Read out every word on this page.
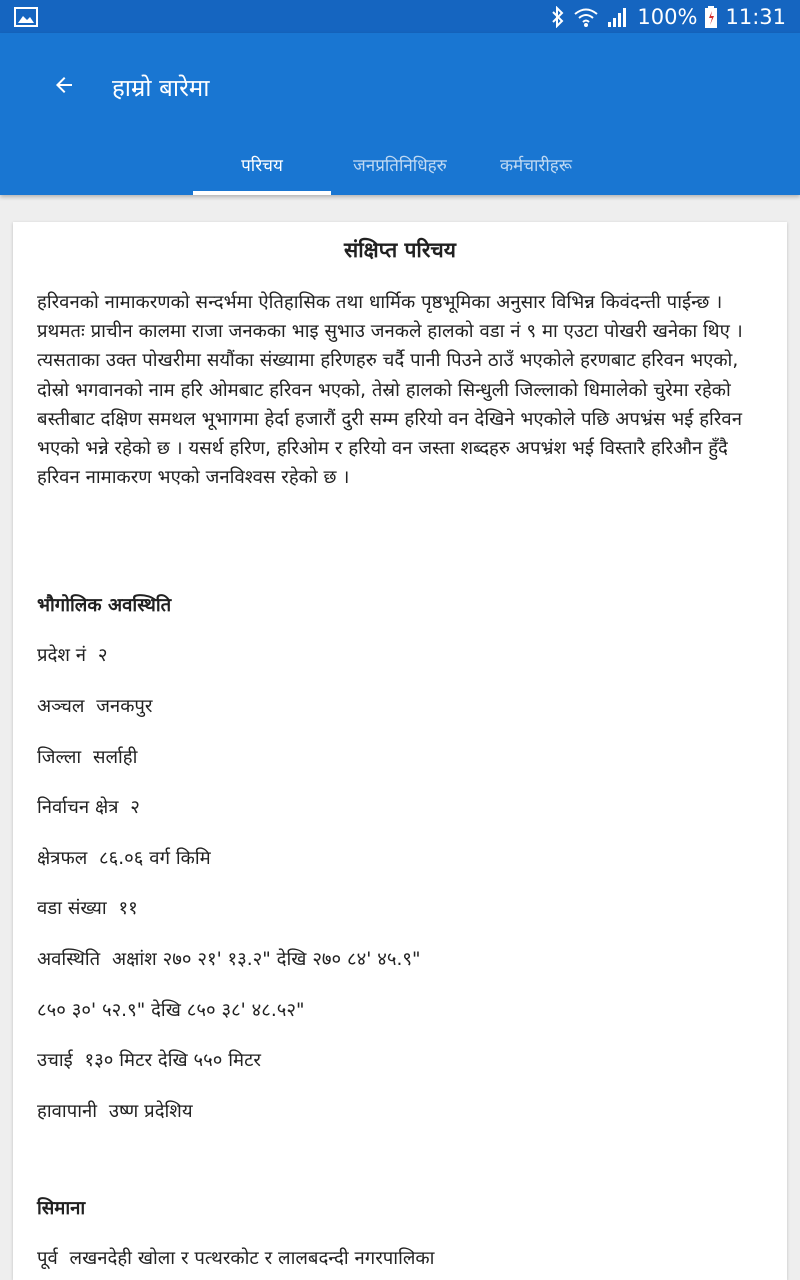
100% 11:31
हाम्रो बारेमा
परिचय	जनप्रतिनिधिहरु	कर्मचारीहरू
संक्षिप्त परिचय

हरिवनको नामाकरणको सन्दर्भमा ऐतिहासिक तथा धार्मिक पृष्ठभूमिका अनुसार विभिन्न किवंदन्ती पाईन्छ । प्रथमतः प्राचीन कालमा राजा जनकका भाइ सुभाउ जनकले हालको वडा नं ९ मा एउटा पोखरी खनेका थिए । त्यसताका उक्त पोखरीमा सयौंका संख्यामा हरिणहरु चर्दै पानी पिउने ठाउँ भएकोले हरणबाट हरिवन भएको, दोस्रो भगवानको नाम हरि ओमबाट हरिवन भएको, तेस्रो हालको सिन्धुली जिल्लाको धिमालेको चुरेमा रहेको बस्तीबाट दक्षिण समथल भूभागमा हेर्दा हजारौं दुरी सम्म हरियो वन देखिने भएकोले पछि अपभ्रंस भई हरिवन भएको भन्ने रहेको छ । यसर्थ हरिण, हरिओम र हरियो वन जस्ता शब्दहरु अपभ्रंश भई विस्तारै हरिऔन हुँदै हरिवन नामाकरण भएको जनविश्वस रहेको छ ।

भौगोलिक अवस्थिति
प्रदेश नं  २
अञ्चल  जनकपुर
जिल्ला  सर्लाही
निर्वाचन क्षेत्र  २
क्षेत्रफल  ८६.०६ वर्ग किमि
वडा संख्या  ११
अवस्थिति  अक्षांश २७० २१' १३.२" देखि २७० ८४' ४५.९"
८५० ३०' ५२.९" देखि ८५० ३८' ४८.५२"
उचाई  १३० मिटर देखि ५५० मिटर
हावापानी  उष्ण प्रदेशिय
सिमाना
पूर्व  लखनदेही खोला र पत्थरकोट र लालबदन्दी नगरपालिका
